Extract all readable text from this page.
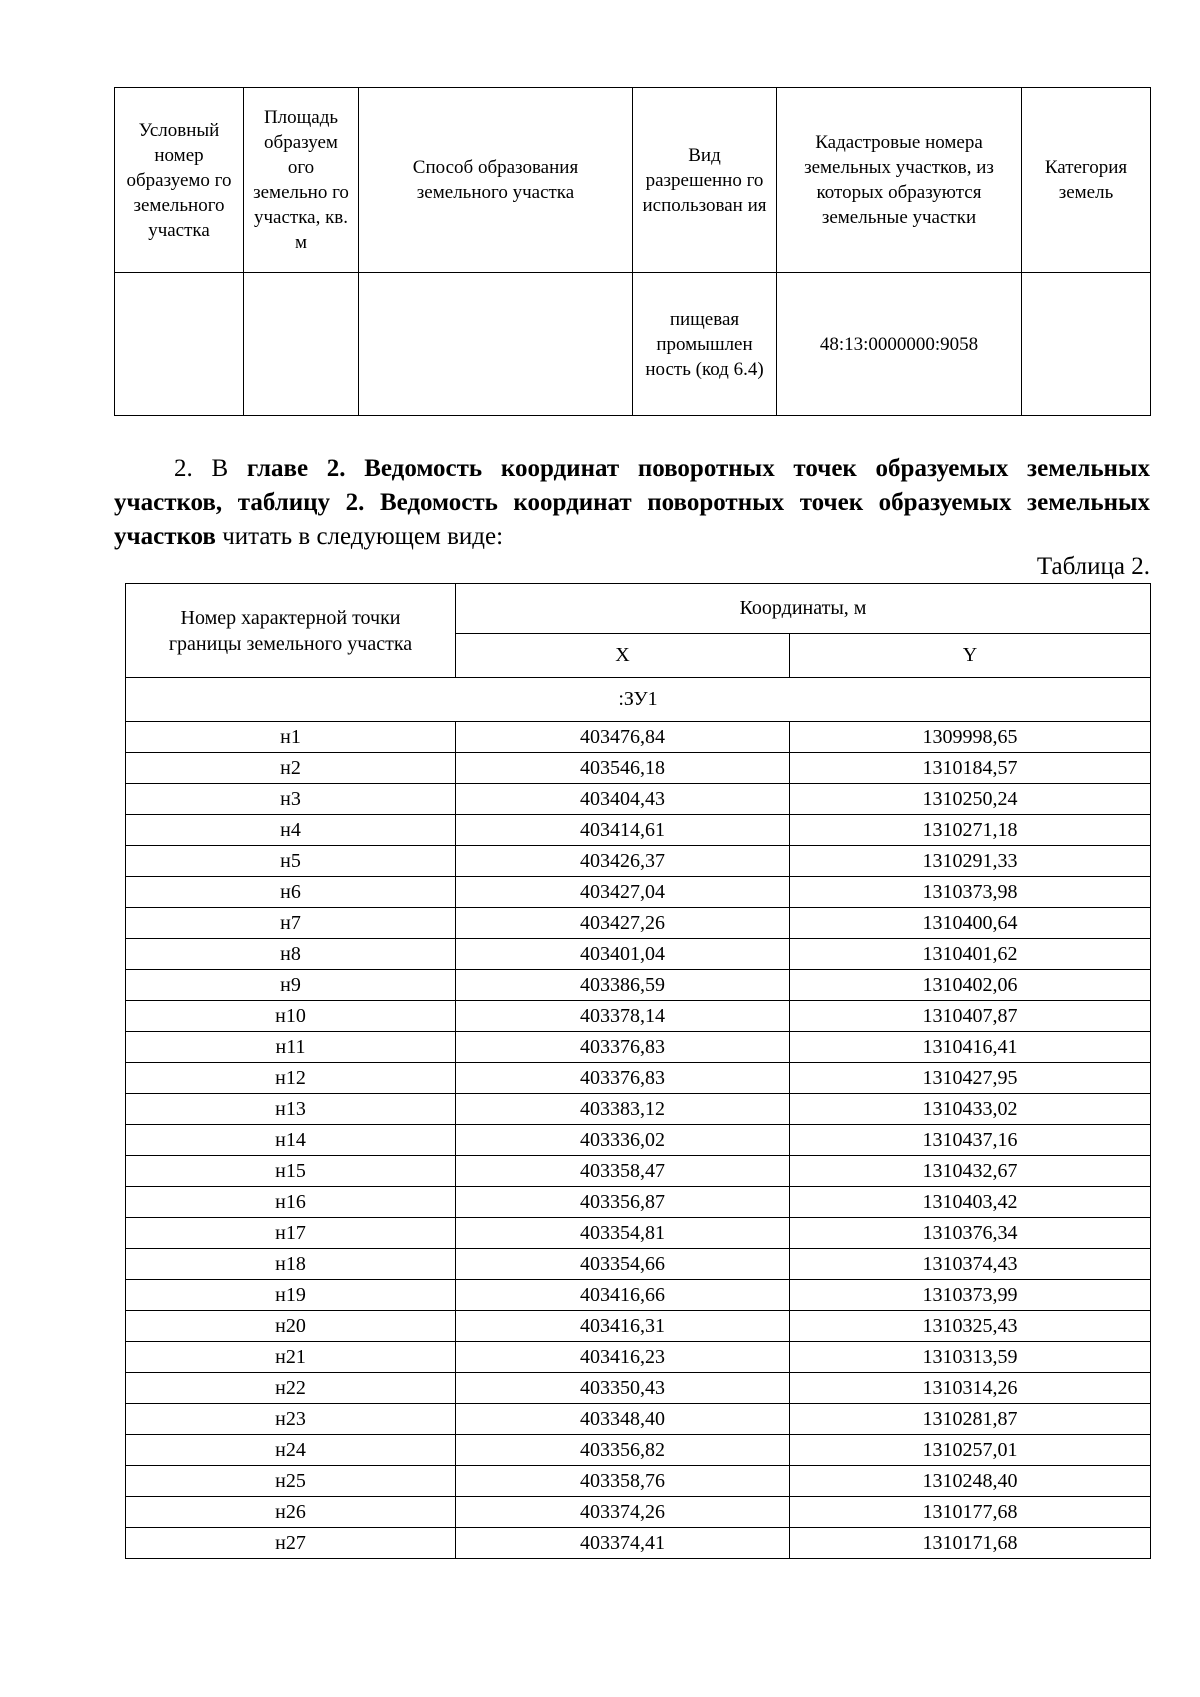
Условный номер образуемо го земельного участка	Площадь образуем ого земельно го участка, кв. м	Способ образования земельного участка	Вид разрешенно го использован ия	Кадастровые номера земельных участков, из которых образуются земельные участки	Категория земель
			пищевая промышлен ность (код 6.4)	48:13:0000000:9058	
2. В главе 2. Ведомость координат поворотных точек образуемых земельных участков, таблицу 2. Ведомость координат поворотных точек образуемых земельных участков читать в следующем виде:
Таблица 2.
Номер характерной точки границы земельного участка	Координаты, м	
	X	Y
:ЗУ1		
н1	403476,84	1309998,65
н2	403546,18	1310184,57
н3	403404,43	1310250,24
н4	403414,61	1310271,18
н5	403426,37	1310291,33
н6	403427,04	1310373,98
н7	403427,26	1310400,64
н8	403401,04	1310401,62
н9	403386,59	1310402,06
н10	403378,14	1310407,87
н11	403376,83	1310416,41
н12	403376,83	1310427,95
н13	403383,12	1310433,02
н14	403336,02	1310437,16
н15	403358,47	1310432,67
н16	403356,87	1310403,42
н17	403354,81	1310376,34
н18	403354,66	1310374,43
н19	403416,66	1310373,99
н20	403416,31	1310325,43
н21	403416,23	1310313,59
н22	403350,43	1310314,26
н23	403348,40	1310281,87
н24	403356,82	1310257,01
н25	403358,76	1310248,40
н26	403374,26	1310177,68
н27	403374,41	1310171,68
